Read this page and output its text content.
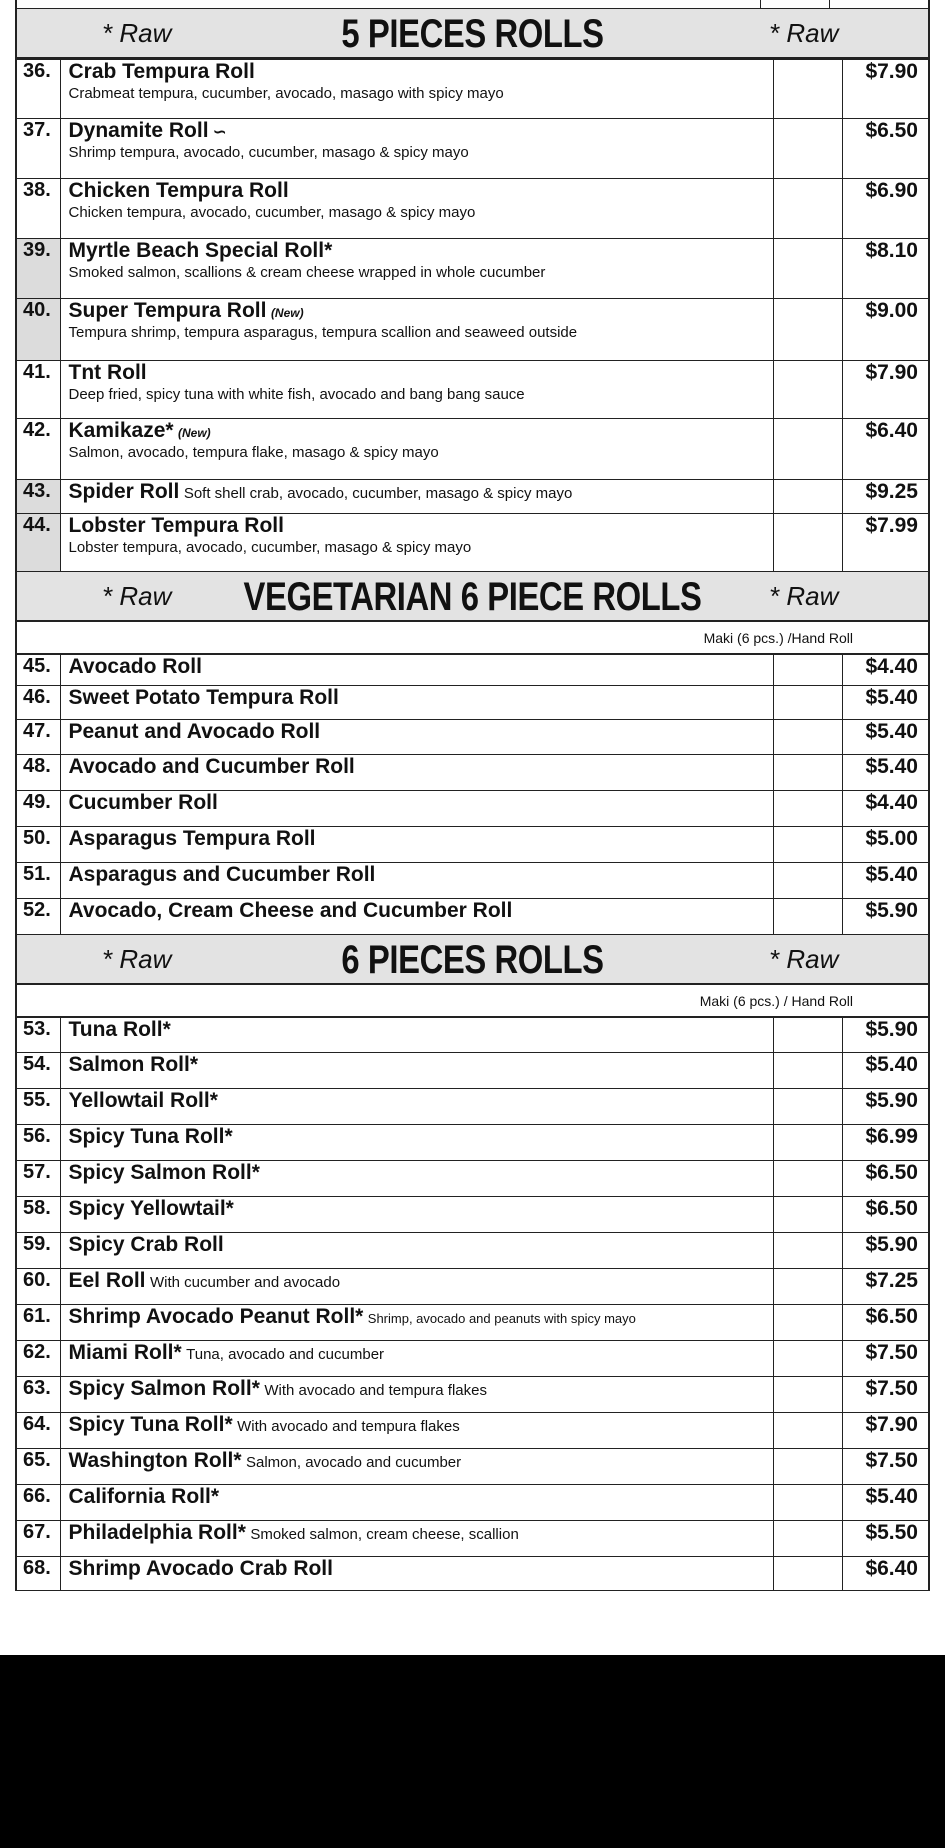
* Raw	5 PIECES ROLLS	* Raw
36.	Crab Tempura Roll
Crabmeat tempura, cucumber, avocado, masago with spicy mayo		$7.90
37.	Dynamite Roll ∽
Shrimp tempura, avocado, cucumber, masago & spicy mayo		$6.50
38.	Chicken Tempura Roll
Chicken tempura, avocado, cucumber, masago & spicy mayo		$6.90
39.	Myrtle Beach Special Roll*
Smoked salmon, scallions & cream cheese wrapped in whole cucumber		$8.10
40.	Super Tempura Roll (New)
Tempura shrimp, tempura asparagus, tempura scallion and seaweed outside		$9.00
41.	Tnt Roll
Deep fried, spicy tuna with white fish, avocado and bang bang sauce		$7.90
42.	Kamikaze* (New)
Salmon, avocado, tempura flake, masago & spicy mayo		$6.40
43.	Spider Roll Soft shell crab, avocado, cucumber, masago & spicy mayo		$9.25
44.	Lobster Tempura Roll
Lobster tempura, avocado, cucumber, masago & spicy mayo		$7.99
* Raw	VEGETARIAN 6 PIECE ROLLS	* Raw
Maki (6 pcs.) /Hand Roll
45.	Avocado Roll		$4.40
46.	Sweet Potato Tempura Roll		$5.40
47.	Peanut and Avocado Roll		$5.40
48.	Avocado and Cucumber Roll		$5.40
49.	Cucumber Roll		$4.40
50.	Asparagus Tempura Roll		$5.00
51.	Asparagus and Cucumber Roll		$5.40
52.	Avocado, Cream Cheese and Cucumber Roll		$5.90
* Raw	6 PIECES ROLLS	* Raw
Maki (6 pcs.) / Hand Roll
53.	Tuna Roll*		$5.90
54.	Salmon Roll*		$5.40
55.	Yellowtail Roll*		$5.90
56.	Spicy Tuna Roll*		$6.99
57.	Spicy Salmon Roll*		$6.50
58.	Spicy Yellowtail*		$6.50
59.	Spicy Crab Roll		$5.90
60.	Eel Roll With cucumber and avocado		$7.25
61.	Shrimp Avocado Peanut Roll* Shrimp, avocado and peanuts with spicy mayo		$6.50
62.	Miami Roll* Tuna, avocado and cucumber		$7.50
63.	Spicy Salmon Roll* With avocado and tempura flakes		$7.50
64.	Spicy Tuna Roll* With avocado and tempura flakes		$7.90
65.	Washington Roll* Salmon, avocado and cucumber		$7.50
66.	California Roll*		$5.40
67.	Philadelphia Roll* Smoked salmon, cream cheese, scallion		$5.50
68.	Shrimp Avocado Crab Roll		$6.40
